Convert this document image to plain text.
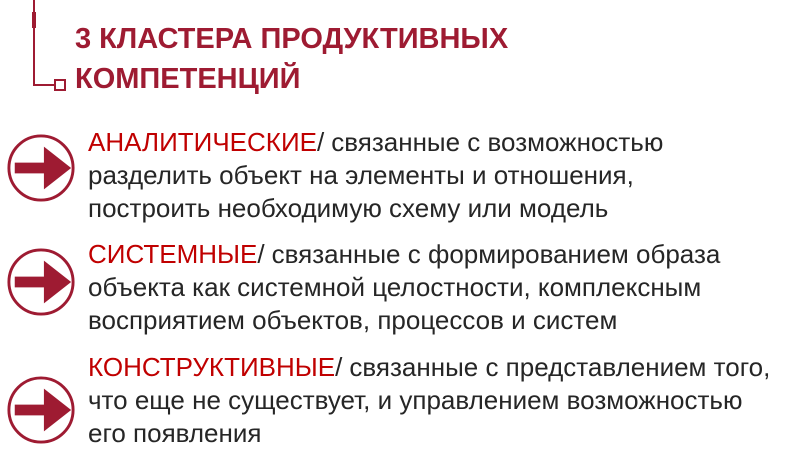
3 КЛАСТЕРА ПРОДУКТИВНЫХ КОМПЕТЕНЦИЙ
АНАЛИТИЧЕСКИЕ/ связанные с возможностью
разделить объект на элементы и отношения,
построить необходимую схему или модель
СИСТЕМНЫЕ/ связанные с формированием образа
объекта как системной целостности, комплексным
восприятием объектов, процессов и систем
КОНСТРУКТИВНЫЕ/ связанные с представлением того,
что еще не существует, и управлением возможностью
его появления
